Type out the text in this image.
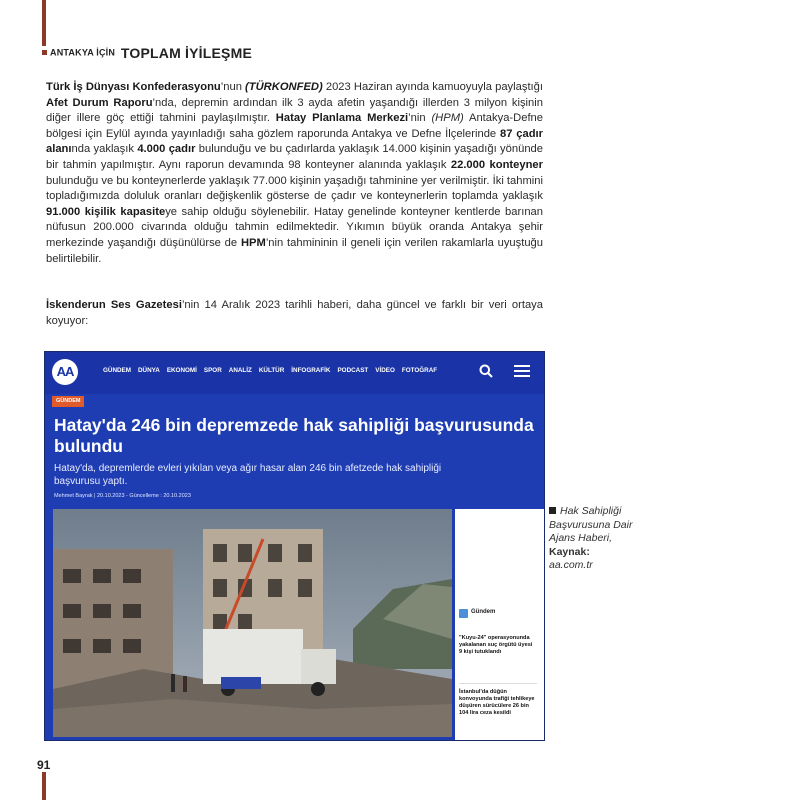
ANTAKYA İÇİN TOPLAM İYİLEŞME
Türk İş Dünyası Konfederasyonu’nun (TÜRKONFED) 2023 Haziran ayında kamuoyuyla paylaştığı Afet Durum Raporu’nda, depremin ardından ilk 3 ayda afetin yaşandığı illerden 3 milyon kişinin diğer illere göç ettiği tahmini paylaşılmıştır. Hatay Planlama Merkezi’nin (HPM) Antakya-Defne bölgesi için Eylül ayında yayınladığı saha gözlem raporunda Antakya ve Defne İlçelerinde 87 çadır alanında yaklaşık 4.000 çadır bulunduğu ve bu çadırlarda yaklaşık 14.000 kişinin yaşadığı yönünde bir tahmin yapılmıştır. Aynı raporun devamında 98 konteyner alanında yaklaşık 22.000 konteyner bulunduğu ve bu konteynerlerde yaklaşık 77.000 kişinin yaşadığı tahminine yer verilmiştir. İki tahmini topladığımızda doluluk oranları değişkenlik gösterse de çadır ve konteynerlerin toplamda yaklaşık 91.000 kişilik kapasiteye sahip olduğu söylenebilir. Hatay genelinde konteyner kentlerde barınan nüfusun 200.000 civarında olduğu tahmin edilmektedir. Yıkımın büyük oranda Antakya şehir merkezinde yaşandığı düşünülürse de HPM’nin tahmininin il geneli için verilen rakamlarla uyuştuğu belirtilebilir.
İskenderun Ses Gazetesi’nin 14 Aralık 2023 tarihli haberi, daha güncel ve farklı bir veri ortaya koyuyor:
AA	GÜNDEM DÜNYA EKONOMİ SPOR ANALİZ KÜLTÜR İNFOGRAFİK PODCAST VİDEO FOTOĞRAF
GÜNDEM
Hatay'da 246 bin depremzede hak sahipliği başvurusunda bulundu
Hatay'da, depremlerde evleri yıkılan veya ağır hasar alan 246 bin afetzede hak sahipliği başvurusu yaptı.
Mehmet Bayrak | 20.10.2023 - Güncelleme : 20.10.2023
Gündem
"Kuyu-24" operasyonunda yakalanan suç örgütü üyesi 9 kişi tutuklandı
İstanbul'da düğün konvoyunda trafiği tehlikeye düşüren sürücülere 26 bin 104 lira ceza kesildi
Hak Sahipliği Başvurusuna Dair Ajans Haberi,
Kaynak:
aa.com.tr
91
